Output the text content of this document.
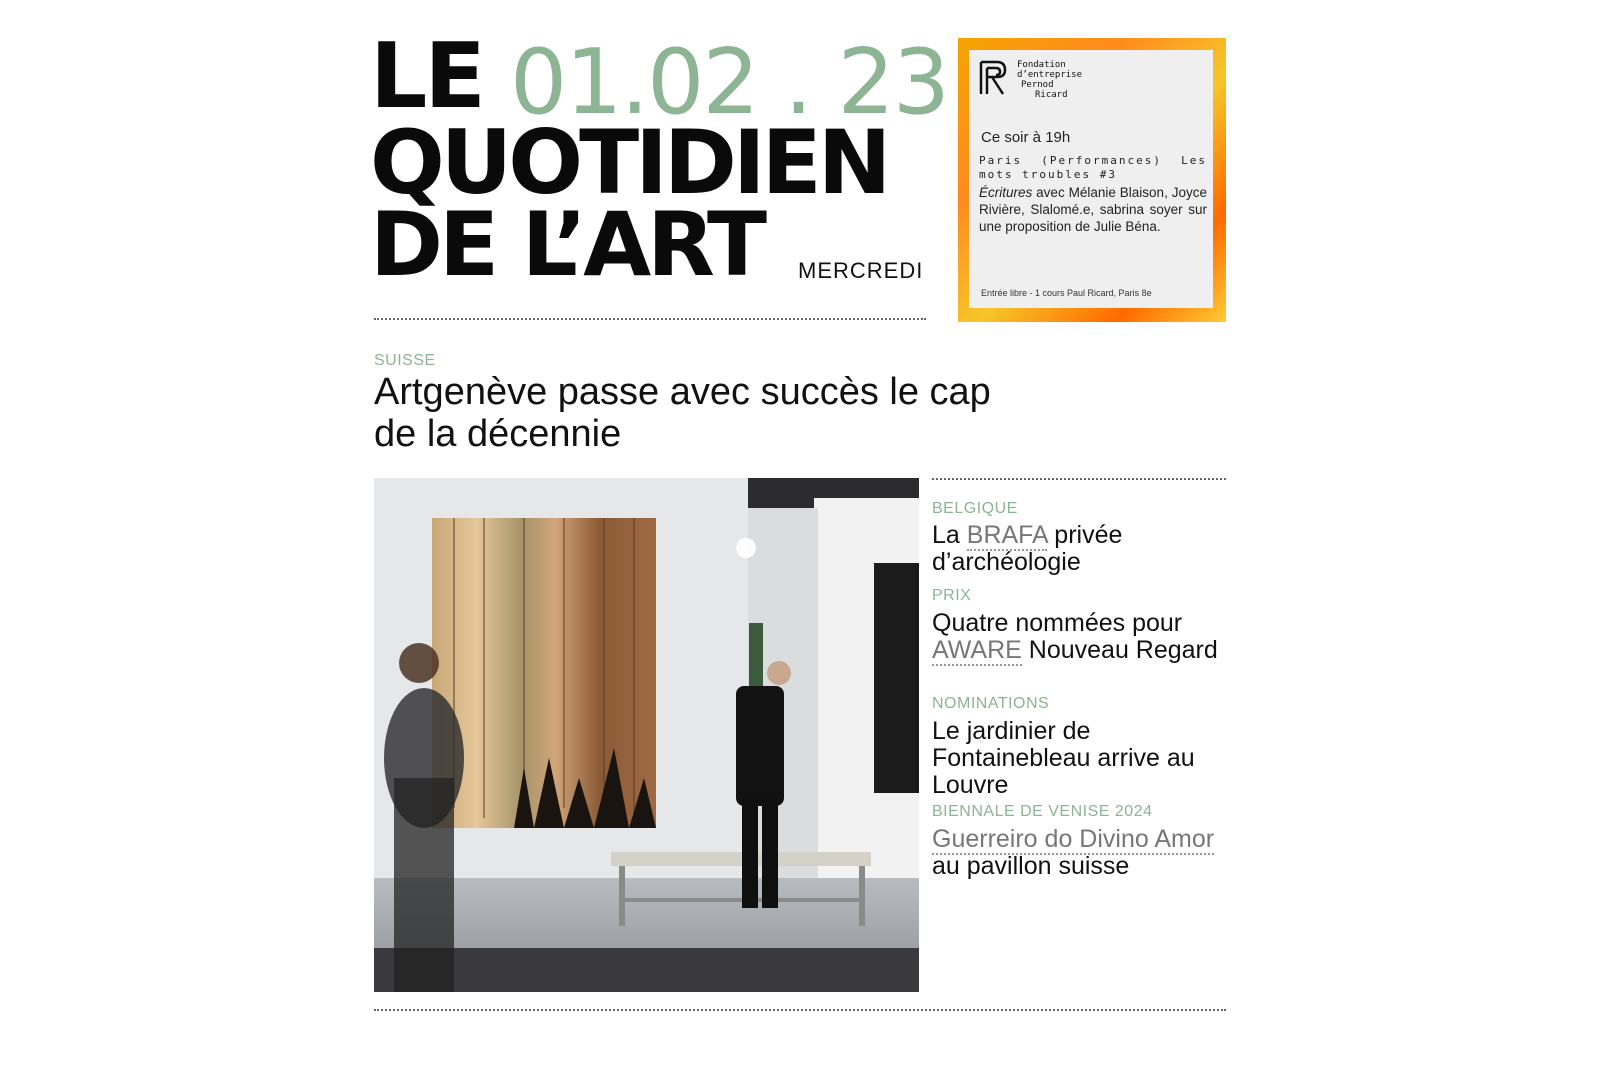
LE 01.02 . 23
QUOTIDIEN
DE L’ART MERCREDI
Fondation
d’entreprise
Pernod
Ricard
Ce soir à 19h
Paris (Performances) Les mots troubles #3
Écritures avec Mélanie Blaison, Joyce Rivière, Slalomé.e, sabrina soyer sur une proposition de Julie Béna.
Entrée libre - 1 cours Paul Ricard, Paris 8e
SUISSE
Artgenève passe avec succès le cap de la décennie
BELGIQUE
La BRAFA privée d’archéologie
PRIX
Quatre nommées pour AWARE Nouveau Regard
NOMINATIONS
Le jardinier de Fontainebleau arrive au Louvre
BIENNALE DE VENISE 2024
Guerreiro do Divino Amor au pavillon suisse
